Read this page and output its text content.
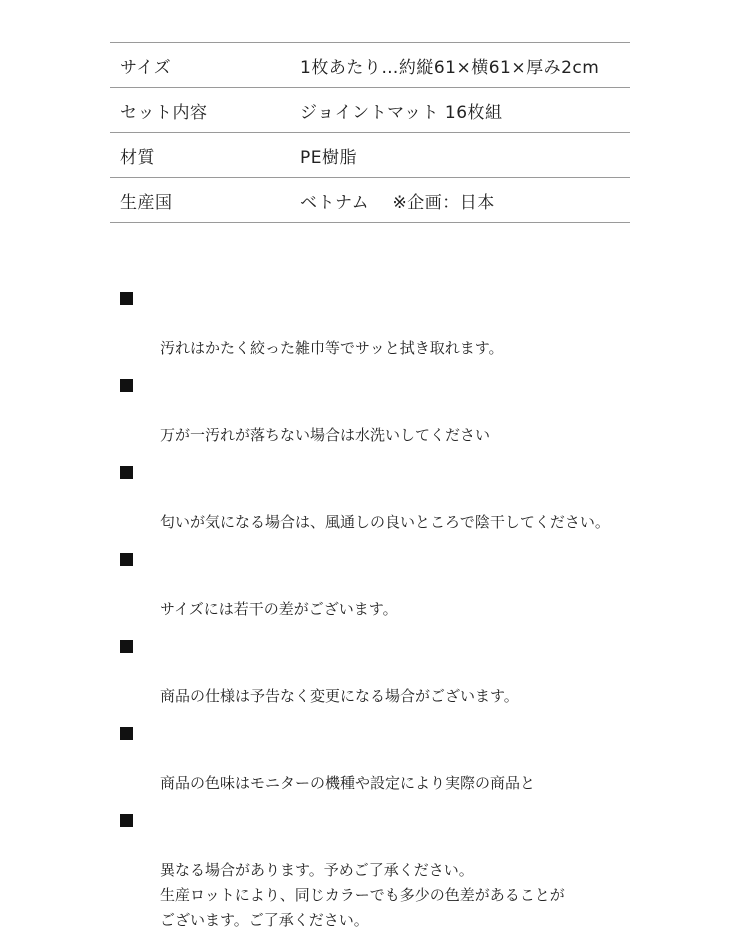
サイズ	1枚あたり…約縦61×横61×厚み2cm
セット内容	ジョイントマット 16枚組
材質	PE樹脂
生産国	ベトナム　 ※企画：日本

汚れはかたく絞った雑巾等でサッと拭き取れます。

万が一汚れが落ちない場合は水洗いしてください

匂いが気になる場合は、風通しの良いところで陰干してください。

サイズには若干の差がございます。

商品の仕様は予告なく変更になる場合がございます。

商品の色味はモニターの機種や設定により実際の商品と

異なる場合があります。予めご了承ください。
生産ロットにより、同じカラーでも多少の色差があることが
ございます。ご了承ください。
